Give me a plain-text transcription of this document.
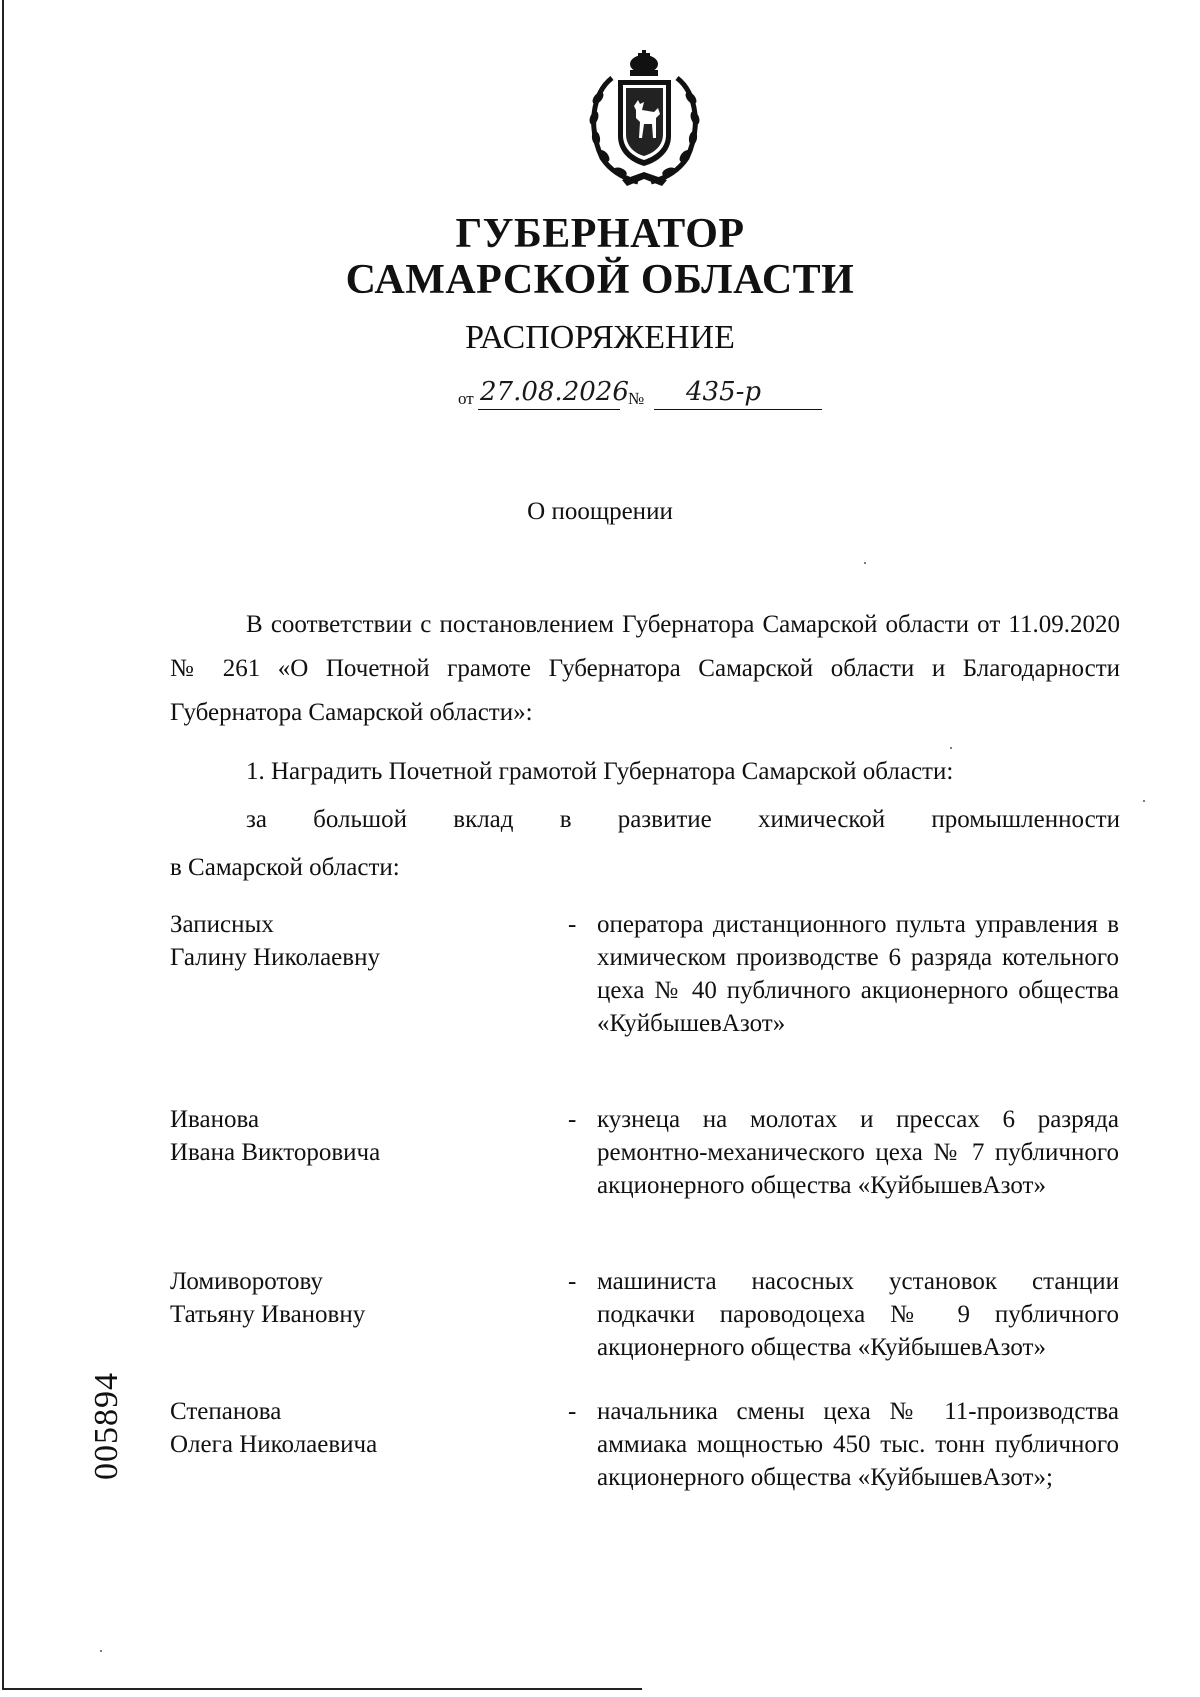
ГУБЕРНАТОР
САМАРСКОЙ ОБЛАСТИ
РАСПОРЯЖЕНИЕ
от 27.08.2026 № 435-р
О поощрении
В соответствии с постановлением Губернатора Самарской области от 11.09.2020 № 261 «О Почетной грамоте Губернатора Самарской области и Благодарности Губернатора Самарской области»:
1. Наградить Почетной грамотой Губернатора Самарской области:
за большой вклад в развитие химической промышленности
в Самарской области:
Записных
Галину Николаевну
- оператора дистанционного пульта управления в химическом производстве 6 разряда котельного цеха № 40 публичного акционерного общества «КуйбышевАзот»
Иванова
Ивана Викторовича
- кузнеца на молотах и прессах 6 разряда ремонтно-механического цеха № 7 публичного акционерного общества «КуйбышевАзот»
Ломиворотову
Татьяну Ивановну
- машиниста насосных установок станции подкачки пароводоцеха № 9 публичного акционерного общества «КуйбышевАзот»
Степанова
Олега Николаевича
- начальника смены цеха № 11-производства аммиака мощностью 450 тыс. тонн публичного акционерного общества «КуйбышевАзот»;
005894
